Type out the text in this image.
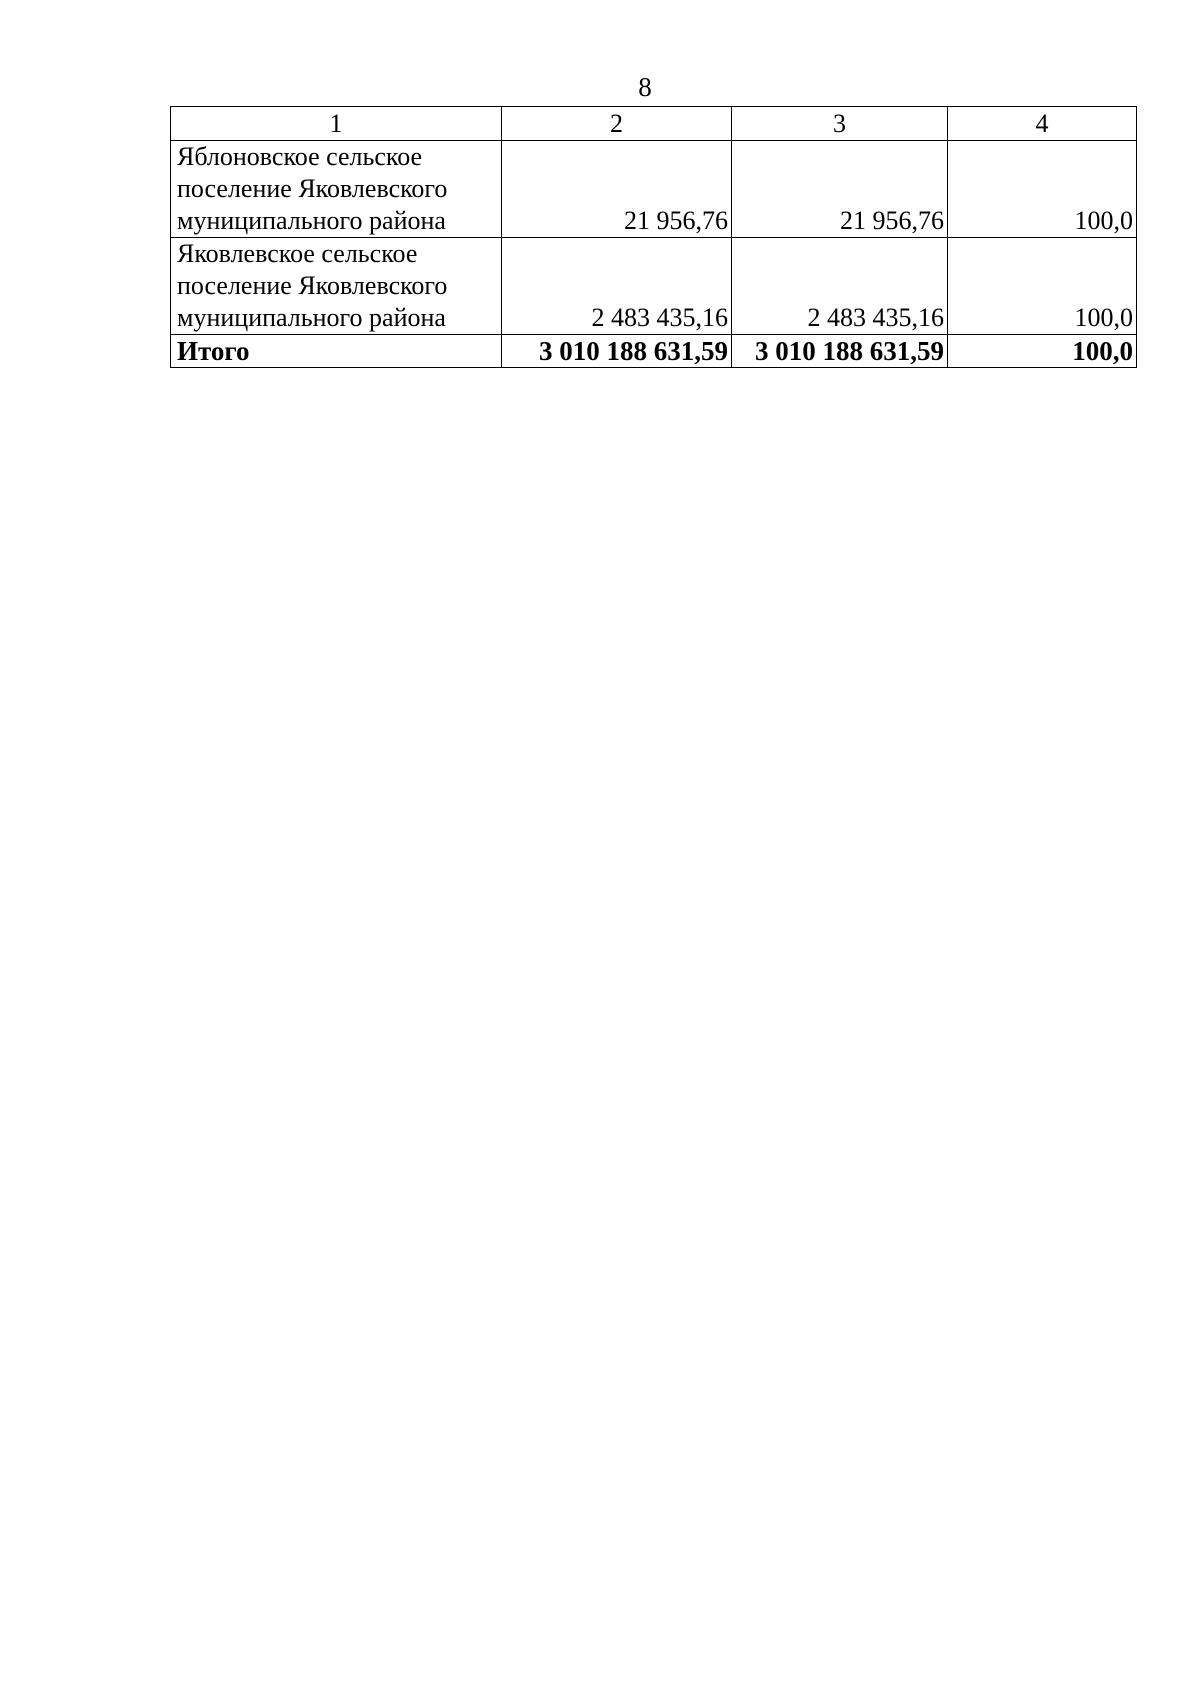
8
1	2	3	4
Яблоновское сельское поселение Яковлевского муниципального района	21 956,76	21 956,76	100,0
Яковлевское сельское поселение Яковлевского муниципального района	2 483 435,16	2 483 435,16	100,0
Итого	3 010 188 631,59	3 010 188 631,59	100,0
